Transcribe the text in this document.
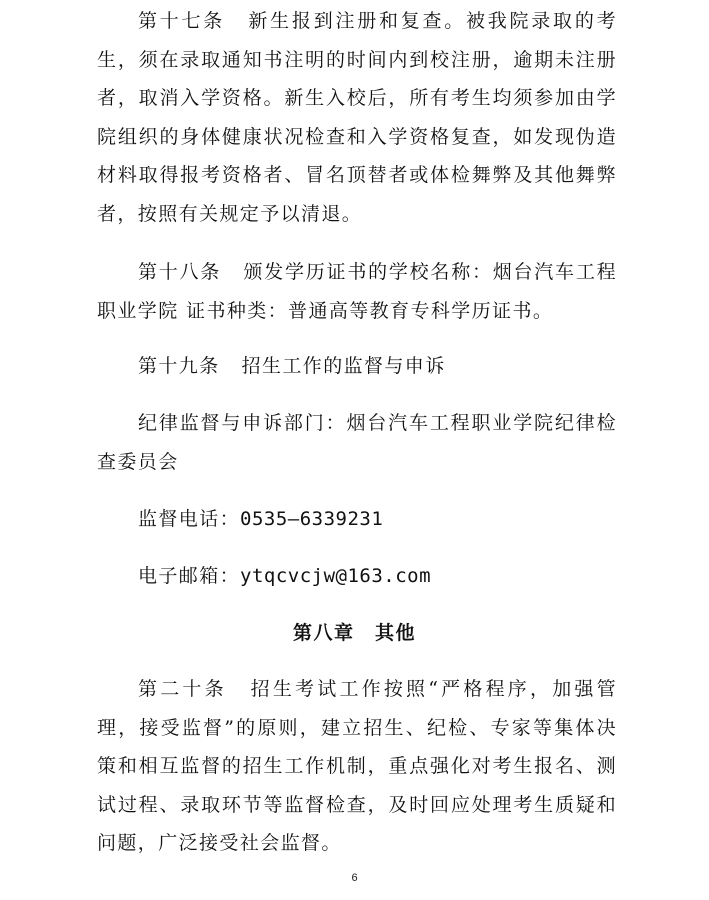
第十七条 新生报到注册和复查。被我院录取的考生，须在录取通知书注明的时间内到校注册，逾期未注册者，取消入学资格。新生入校后，所有考生均须参加由学院组织的身体健康状况检查和入学资格复查，如发现伪造材料取得报考资格者、冒名顶替者或体检舞弊及其他舞弊者，按照有关规定予以清退。

第十八条 颁发学历证书的学校名称：烟台汽车工程职业学院 证书种类：普通高等教育专科学历证书。

第十九条 招生工作的监督与申诉

纪律监督与申诉部门：烟台汽车工程职业学院纪律检查委员会

监督电话：0535—6339231

电子邮箱：ytqcvcjw@163.com

第八章　其他

第二十条 招生考试工作按照“严格程序，加强管理，接受监督”的原则，建立招生、纪检、专家等集体决策和相互监督的招生工作机制，重点强化对考生报名、测试过程、录取环节等监督检查，及时回应处理考生质疑和问题，广泛接受社会监督。

6
